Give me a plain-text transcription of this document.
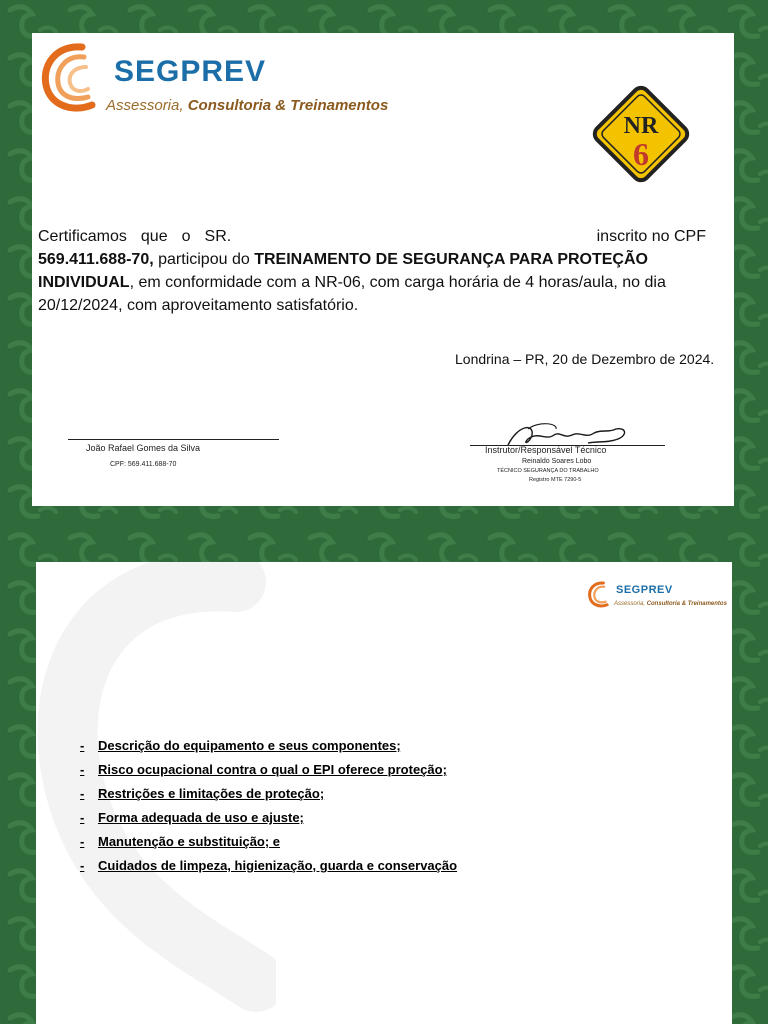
SEGPREV
Assessoria, Consultoria & Treinamentos
NR
6
Certificamos que o SR.	inscrito no CPF
569.411.688-70, participou do TREINAMENTO DE SEGURANÇA PARA PROTEÇÃO
INDIVIDUAL, em conformidade com a NR-06, com carga horária de 4 horas/aula, no dia
20/12/2024, com aproveitamento satisfatório.
Londrina – PR, 20 de Dezembro de 2024.
João Rafael Gomes da Silva
CPF: 569.411.688-70
Instrutor/Responsável Técnico
Reinaldo Soares Lobo
TÉCNICO SEGURANÇA DO TRABALHO
Registro MTE 7290-5
SEGPREV
Assessoria, Consultoria & Treinamentos
- Descrição do equipamento e seus componentes;
- Risco ocupacional contra o qual o EPI oferece proteção;
- Restrições e limitações de proteção;
- Forma adequada de uso e ajuste;
- Manutenção e substituição; e
- Cuidados de limpeza, higienização, guarda e conservação
